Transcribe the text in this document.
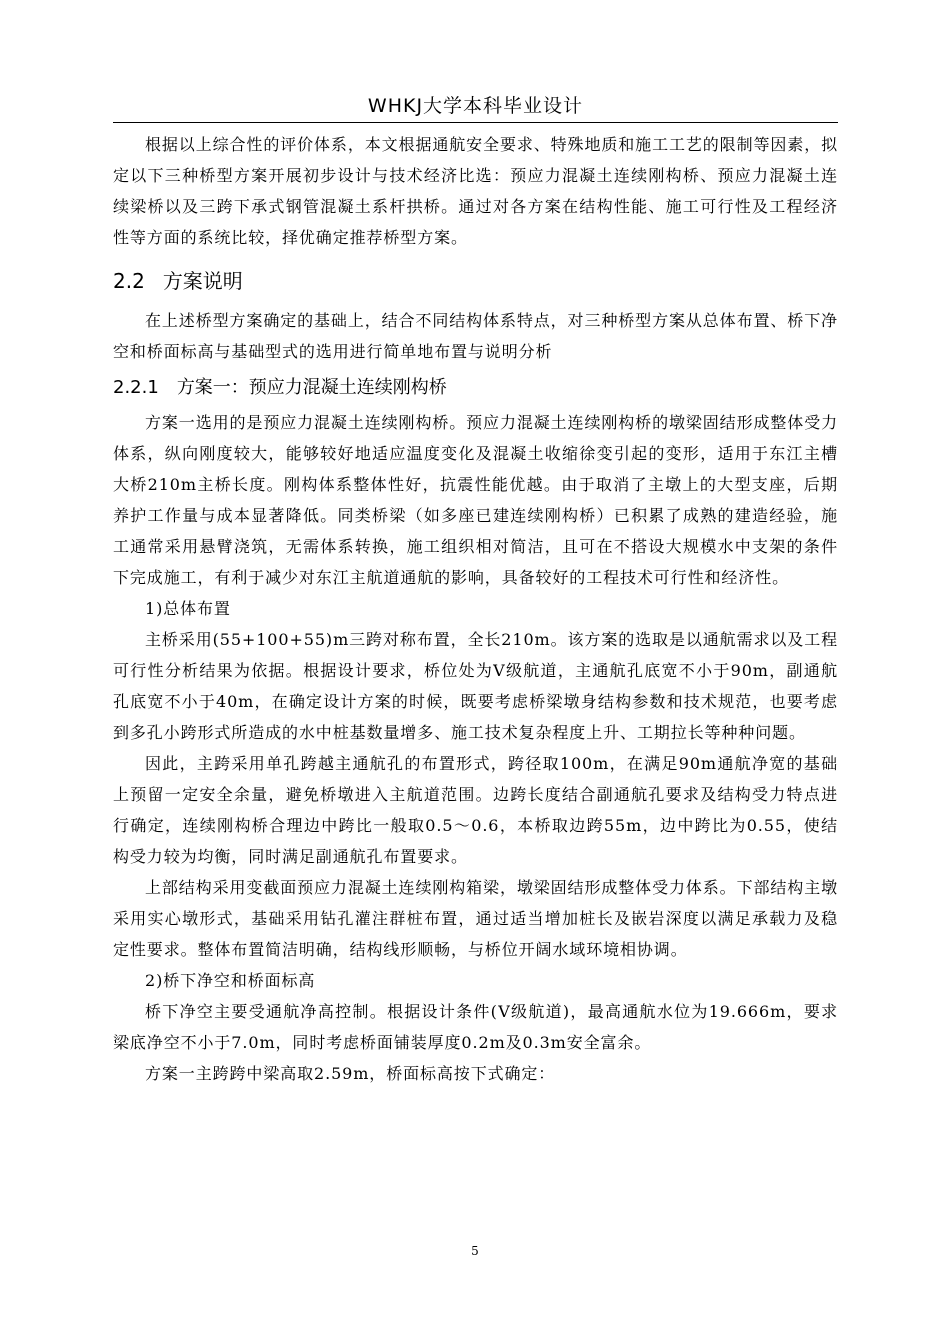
WHKJ大学本科毕业设计

根据以上综合性的评价体系，本文根据通航安全要求、特殊地质和施工工艺的限制等因素，拟定以下三种桥型方案开展初步设计与技术经济比选：预应力混凝土连续刚构桥、预应力混凝土连续梁桥以及三跨下承式钢管混凝土系杆拱桥。通过对各方案在结构性能、施工可行性及工程经济性等方面的系统比较，择优确定推荐桥型方案。

2.2 方案说明

在上述桥型方案确定的基础上，结合不同结构体系特点，对三种桥型方案从总体布置、桥下净空和桥面标高与基础型式的选用进行简单地布置与说明分析

2.2.1 方案一：预应力混凝土连续刚构桥

方案一选用的是预应力混凝土连续刚构桥。预应力混凝土连续刚构桥的墩梁固结形成整体受力体系，纵向刚度较大，能够较好地适应温度变化及混凝土收缩徐变引起的变形，适用于东江主槽大桥210m主桥长度。刚构体系整体性好，抗震性能优越。由于取消了主墩上的大型支座，后期养护工作量与成本显著降低。同类桥梁（如多座已建连续刚构桥）已积累了成熟的建造经验，施工通常采用悬臂浇筑，无需体系转换，施工组织相对简洁，且可在不搭设大规模水中支架的条件下完成施工，有利于减少对东江主航道通航的影响，具备较好的工程技术可行性和经济性。

1)总体布置

主桥采用(55+100+55)m三跨对称布置，全长210m。该方案的选取是以通航需求以及工程可行性分析结果为依据。根据设计要求，桥位处为Ⅴ级航道，主通航孔底宽不小于90m，副通航孔底宽不小于40m，在确定设计方案的时候，既要考虑桥梁墩身结构参数和技术规范，也要考虑到多孔小跨形式所造成的水中桩基数量增多、施工技术复杂程度上升、工期拉长等种种问题。

因此，主跨采用单孔跨越主通航孔的布置形式，跨径取100m，在满足90m通航净宽的基础上预留一定安全余量，避免桥墩进入主航道范围。边跨长度结合副通航孔要求及结构受力特点进行确定，连续刚构桥合理边中跨比一般取0.5～0.6，本桥取边跨55m，边中跨比为0.55，使结构受力较为均衡，同时满足副通航孔布置要求。

上部结构采用变截面预应力混凝土连续刚构箱梁，墩梁固结形成整体受力体系。下部结构主墩采用实心墩形式，基础采用钻孔灌注群桩布置，通过适当增加桩长及嵌岩深度以满足承载力及稳定性要求。整体布置简洁明确，结构线形顺畅，与桥位开阔水域环境相协调。

2)桥下净空和桥面标高

桥下净空主要受通航净高控制。根据设计条件(Ⅴ级航道)，最高通航水位为19.666m，要求梁底净空不小于7.0m，同时考虑桥面铺装厚度0.2m及0.3m安全富余。

方案一主跨跨中梁高取2.59m，桥面标高按下式确定：

5
